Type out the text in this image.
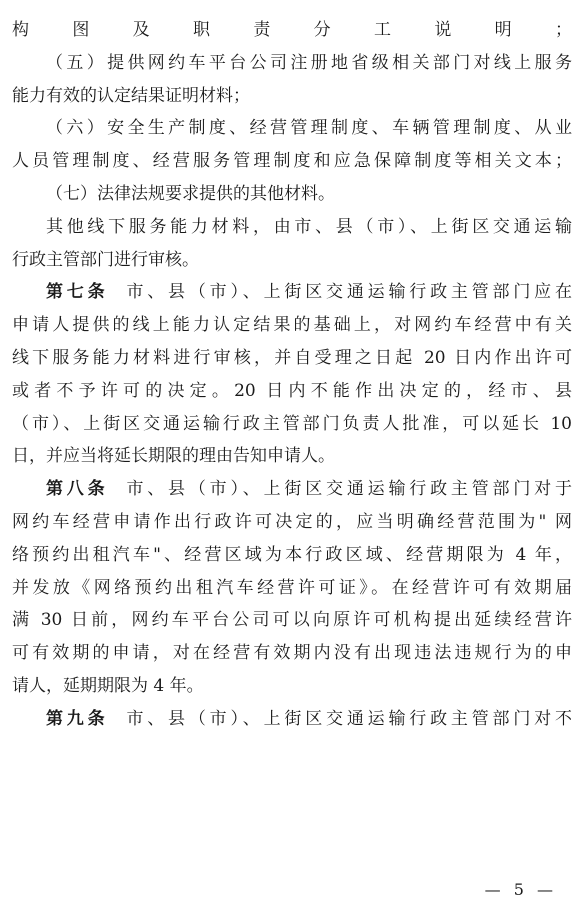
构图及职责分工说明；
（五）提供网约车平台公司注册地省级相关部门对线上服务
能力有效的认定结果证明材料；
（六）安全生产制度、经营管理制度、车辆管理制度、从业
人员管理制度、经营服务管理制度和应急保障制度等相关文本；
（七）法律法规要求提供的其他材料。
其他线下服务能力材料，由市、县（市）、上街区交通运输
行政主管部门进行审核。
第七条 市、县（市）、上街区交通运输行政主管部门应在
申请人提供的线上能力认定结果的基础上，对网约车经营中有关
线下服务能力材料进行审核，并自受理之日起 20 日内作出许可
或者不予许可的决定。20 日内不能作出决定的，经市、县
（市）、上街区交通运输行政主管部门负责人批准，可以延长 10
日，并应当将延长期限的理由告知申请人。
第八条 市、县（市）、上街区交通运输行政主管部门对于
网约车经营申请作出行政许可决定的，应当明确经营范围为" 网
络预约出租汽车"、经营区域为本行政区域、经营期限为 4 年，
并发放《网络预约出租汽车经营许可证》。在经营许可有效期届
满 30 日前，网约车平台公司可以向原许可机构提出延续经营许
可有效期的申请，对在经营有效期内没有出现违法违规行为的申
请人，延期期限为 4 年。
第九条 市、县（市）、上街区交通运输行政主管部门对不
— 5 —
